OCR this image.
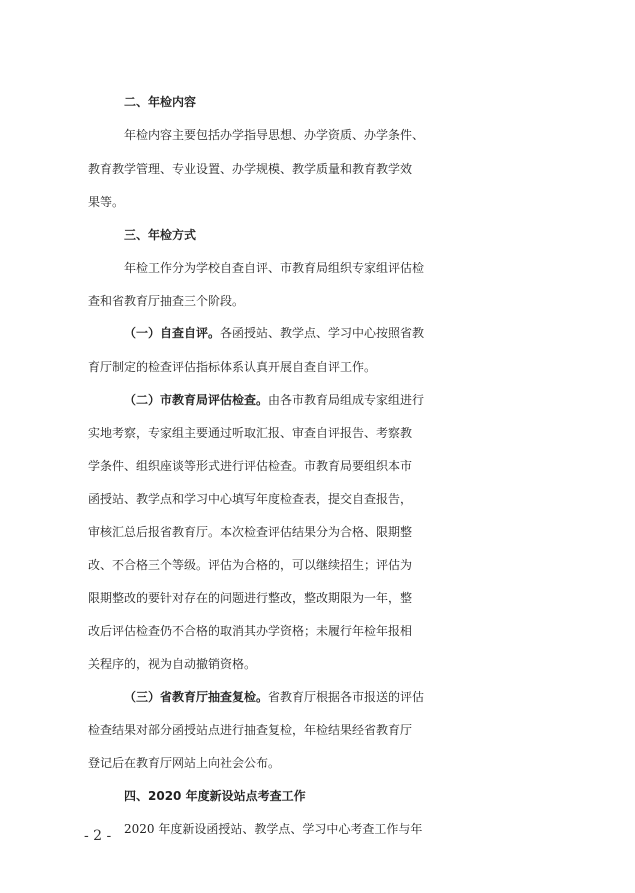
二、年检内容
年检内容主要包括办学指导思想、办学资质、办学条件、
教育教学管理、专业设置、办学规模、教学质量和教育教学效
果等。
三、年检方式
年检工作分为学校自查自评、市教育局组织专家组评估检
查和省教育厅抽查三个阶段。
（一）自查自评。各函授站、教学点、学习中心按照省教
育厅制定的检查评估指标体系认真开展自查自评工作。
（二）市教育局评估检查。由各市教育局组成专家组进行
实地考察，专家组主要通过听取汇报、审查自评报告、考察教
学条件、组织座谈等形式进行评估检查。市教育局要组织本市
函授站、教学点和学习中心填写年度检查表，提交自查报告，
审核汇总后报省教育厅。本次检查评估结果分为合格、限期整
改、不合格三个等级。评估为合格的，可以继续招生；评估为
限期整改的要针对存在的问题进行整改，整改期限为一年，整
改后评估检查仍不合格的取消其办学资格；未履行年检年报相
关程序的，视为自动撤销资格。
（三）省教育厅抽查复检。省教育厅根据各市报送的评估
检查结果对部分函授站点进行抽查复检，年检结果经省教育厅
登记后在教育厅网站上向社会公布。
四、2020 年度新设站点考查工作
2020 年度新设函授站、教学点、学习中心考查工作与年
- 2 -
